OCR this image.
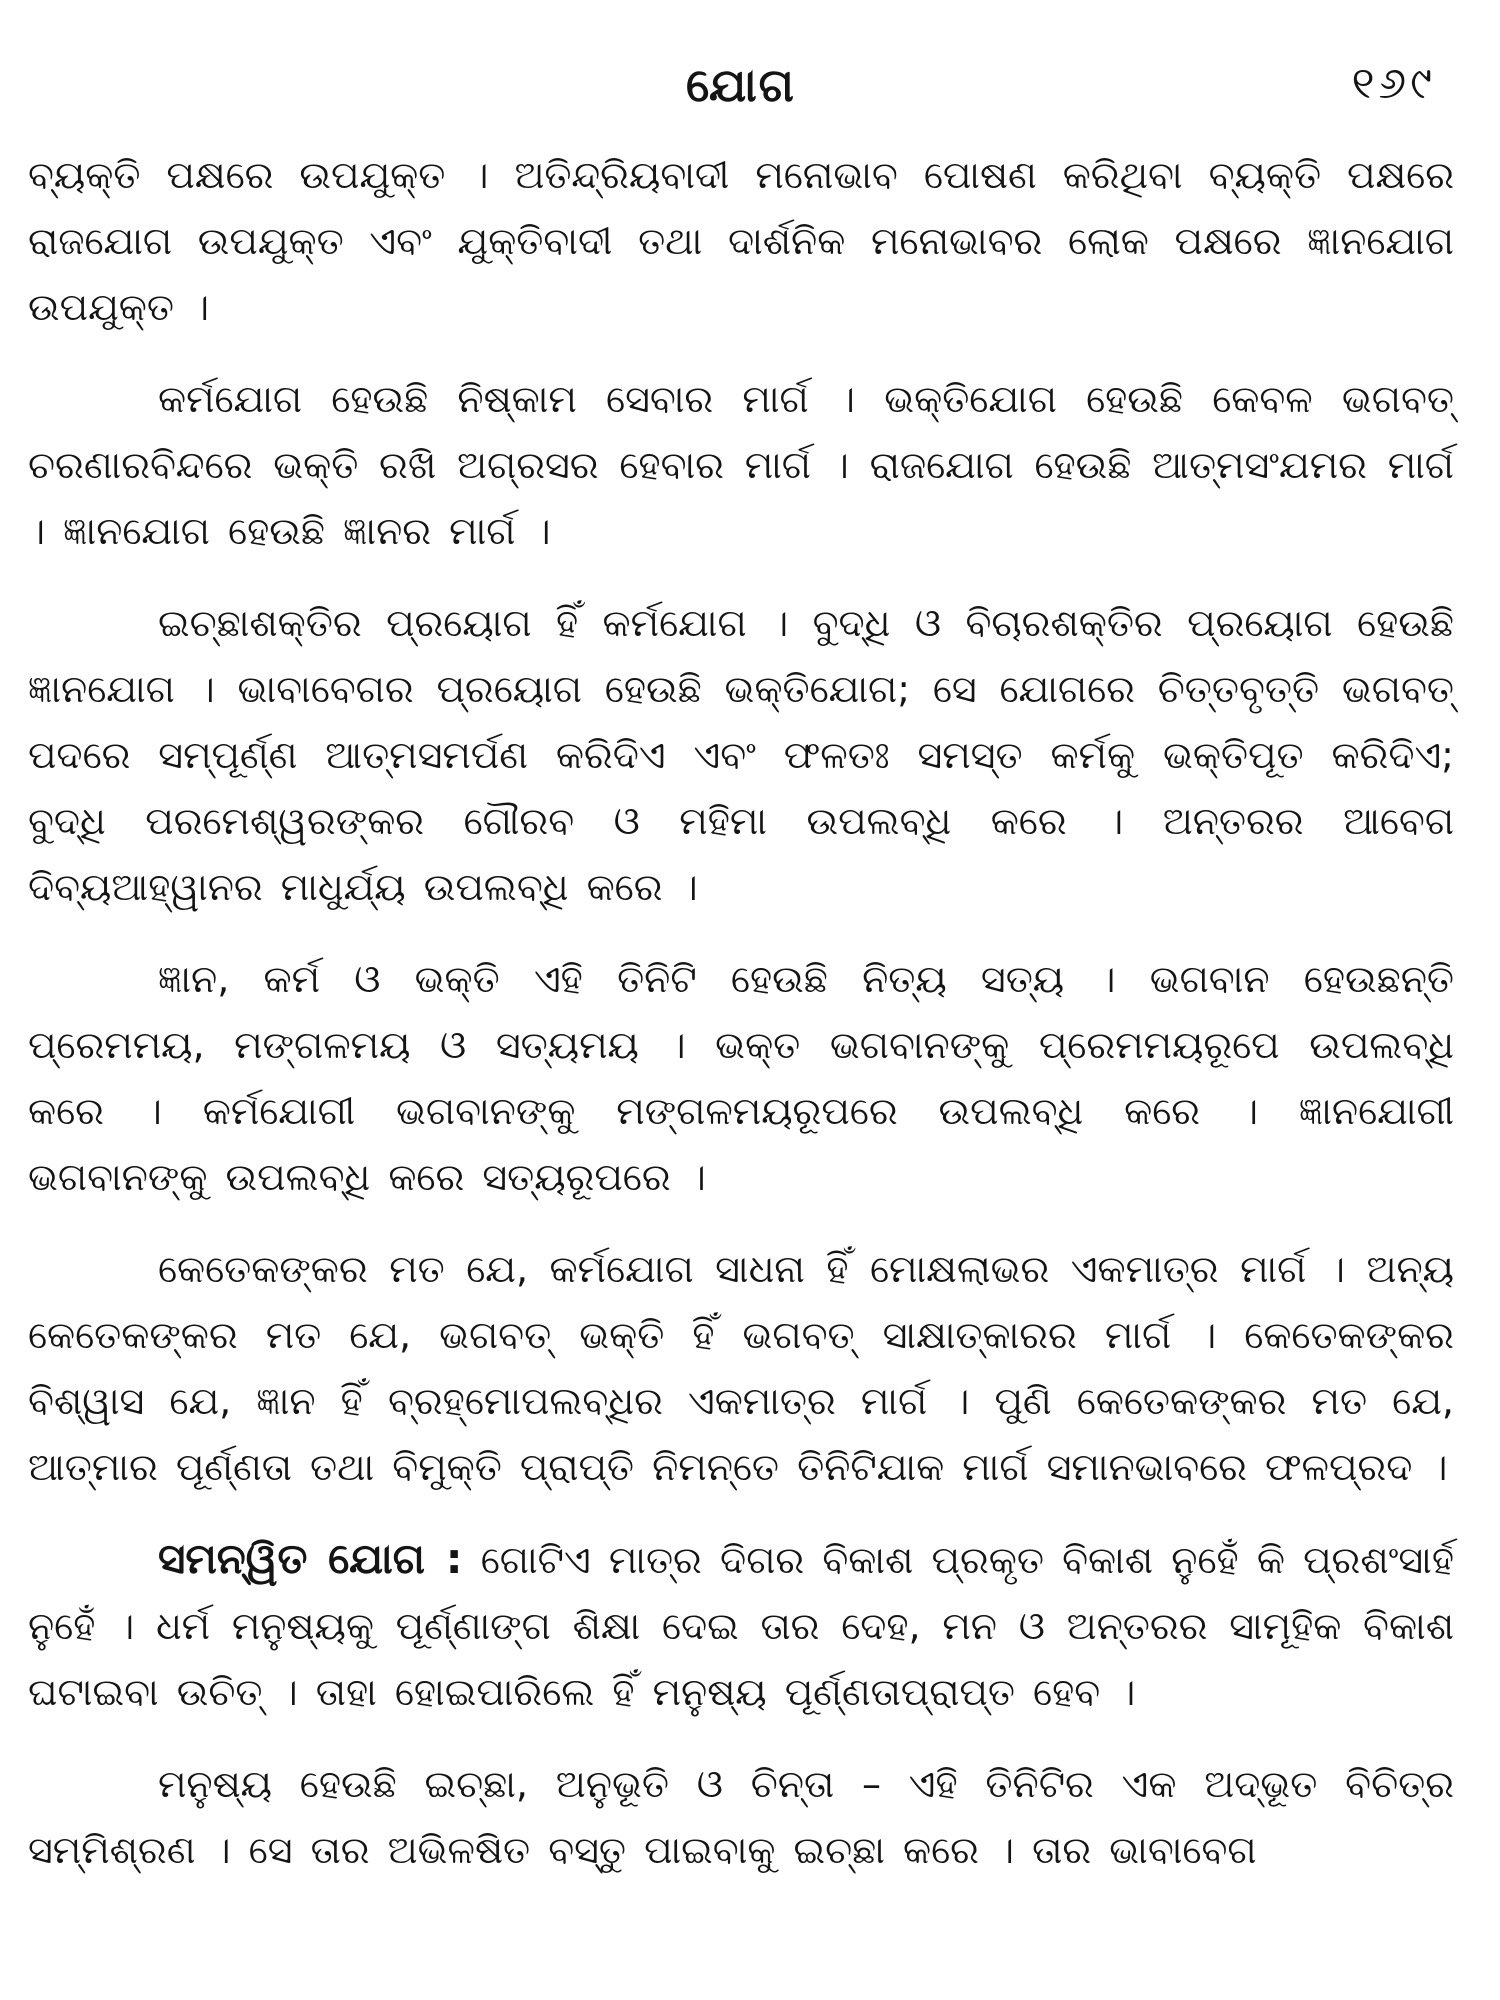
ଯୋଗ	୧୬୯

ବ୍ୟକ୍ତି ପକ୍ଷରେ ଉପଯୁକ୍ତ । ଅତିନ୍ଦ୍ରିୟବାଦୀ ମନୋଭାବ ପୋଷଣ କରିଥିବା ବ୍ୟକ୍ତି ପକ୍ଷରେ ରାଜଯୋଗ ଉପଯୁକ୍ତ ଏବଂ ଯୁକ୍ତିବାଦୀ ତଥା ଦାର୍ଶନିକ ମନୋଭାବର ଲୋକ ପକ୍ଷରେ ଜ୍ଞାନଯୋଗ ଉପଯୁକ୍ତ ।

କର୍ମଯୋଗ ହେଉଛି ନିଷ୍କାମ ସେବାର ମାର୍ଗ । ଭକ୍ତିଯୋଗ ହେଉଛି କେବଳ ଭଗବତ୍ ଚରଣାରବିନ୍ଦରେ ଭକ୍ତି ରଖି ଅଗ୍ରସର ହେବାର ମାର୍ଗ । ରାଜଯୋଗ ହେଉଛି ଆତ୍ମସଂଯମର ମାର୍ଗ । ଜ୍ଞାନଯୋଗ ହେଉଛି ଜ୍ଞାନର ମାର୍ଗ ।

ଇଚ୍ଛାଶକ୍ତିର ପ୍ରୟୋଗ ହିଁ କର୍ମଯୋଗ । ବୁଦ୍ଧି ଓ ବିଚାରଶକ୍ତିର ପ୍ରୟୋଗ ହେଉଛି ଜ୍ଞାନଯୋଗ । ଭାବାବେଗର ପ୍ରୟୋଗ ହେଉଛି ଭକ୍ତିଯୋଗ; ସେ ଯୋଗରେ ଚିତ୍ତବୃତ୍ତି ଭଗବତ୍ ପଦରେ ସମ୍ପୂର୍ଣ୍ଣ ଆତ୍ମସମର୍ପଣ କରିଦିଏ ଏବଂ ଫଳତଃ ସମସ୍ତ କର୍ମକୁ ଭକ୍ତିପୂତ କରିଦିଏ; ବୁଦ୍ଧି ପରମେଶ୍ୱରଙ୍କର ଗୌରବ ଓ ମହିମା ଉପଲବ୍ଧି କରେ । ଅନ୍ତରର ଆବେଗ ଦିବ୍ୟଆହ୍ୱାନର ମାଧୁର୍ଯ୍ୟ ଉପଲବ୍ଧି କରେ ।

ଜ୍ଞାନ, କର୍ମ ଓ ଭକ୍ତି ଏହି ତିନିଟି ହେଉଛି ନିତ୍ୟ ସତ୍ୟ । ଭଗବାନ ହେଉଛନ୍ତି ପ୍ରେମମୟ, ମଙ୍ଗଳମୟ ଓ ସତ୍ୟମୟ । ଭକ୍ତ ଭଗବାନଙ୍କୁ ପ୍ରେମମୟରୂପେ ଉପଲବ୍ଧି କରେ । କର୍ମଯୋଗୀ ଭଗବାନଙ୍କୁ ମଙ୍ଗଳମୟରୂପରେ ଉପଲବ୍ଧି କରେ । ଜ୍ଞାନଯୋଗୀ ଭଗବାନଙ୍କୁ ଉପଲବ୍ଧି କରେ ସତ୍ୟରୂପରେ ।

କେତେକଙ୍କର ମତ ଯେ, କର୍ମଯୋଗ ସାଧନା ହିଁ ମୋକ୍ଷଲାଭର ଏକମାତ୍ର ମାର୍ଗ । ଅନ୍ୟ କେତେକଙ୍କର ମତ ଯେ, ଭଗବତ୍ ଭକ୍ତି ହିଁ ଭଗବତ୍ ସାକ୍ଷାତ୍କାରର ମାର୍ଗ । କେତେକଙ୍କର ବିଶ୍ୱାସ ଯେ, ଜ୍ଞାନ ହିଁ ବ୍ରହ୍ମୋପଲବ୍ଧିର ଏକମାତ୍ର ମାର୍ଗ । ପୁଣି କେତେକଙ୍କର ମତ ଯେ, ଆତ୍ମାର ପୂର୍ଣ୍ଣତା ତଥା ବିମୁକ୍ତି ପ୍ରାପ୍ତି ନିମନ୍ତେ ତିନିଟିଯାକ ମାର୍ଗ ସମାନଭାବରେ ଫଳପ୍ରଦ ।

ସମନ୍ୱିତ ଯୋଗ : ଗୋଟିଏ ମାତ୍ର ଦିଗର ବିକାଶ ପ୍ରକୃତ ବିକାଶ ନୁହେଁ କି ପ୍ରଶଂସାର୍ହ ନୁହେଁ । ଧର୍ମ ମନୁଷ୍ୟକୁ ପୂର୍ଣ୍ଣାଙ୍ଗ ଶିକ୍ଷା ଦେଇ ତାର ଦେହ, ମନ ଓ ଅନ୍ତରର ସାମୂହିକ ବିକାଶ ଘଟାଇବା ଉଚିତ୍ । ତାହା ହୋଇପାରିଲେ ହିଁ ମନୁଷ୍ୟ ପୂର୍ଣ୍ଣତାପ୍ରାପ୍ତ ହେବ ।

ମନୁଷ୍ୟ ହେଉଛି ଇଚ୍ଛା, ଅନୁଭୂତି ଓ ଚିନ୍ତା – ଏହି ତିନିଟିର ଏକ ଅଦ୍‌ଭୂତ ବିଚିତ୍ର ସମ୍ମିଶ୍ରଣ । ସେ ତାର ଅଭିଳଷିତ ବସ୍ତୁ ପାଇବାକୁ ଇଚ୍ଛା କରେ । ତାର ଭାବାବେଗ
